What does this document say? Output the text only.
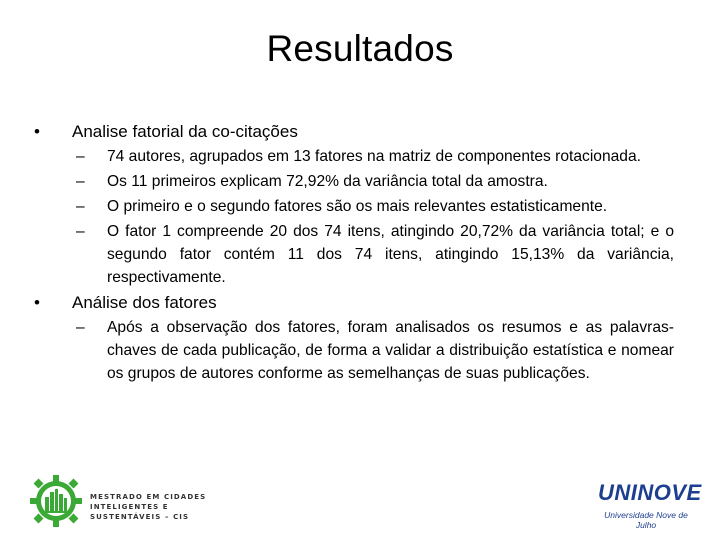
Resultados
• Analise fatorial da co-citações
– 74 autores, agrupados em 13 fatores na matriz de componentes rotacionada.
– Os 11 primeiros explicam 72,92% da variância total da amostra.
– O primeiro e o segundo fatores são os mais relevantes estatisticamente.
– O fator 1 compreende 20 dos 74 itens, atingindo 20,72% da variância total; e o segundo fator contém 11 dos 74 itens, atingindo 15,13% da variância, respectivamente.
• Análise dos fatores
– Após a observação dos fatores, foram analisados os resumos e as palavras-chaves de cada publicação, de forma a validar a distribuição estatística e nomear os grupos de autores conforme as semelhanças de suas publicações.
MESTRADO EM CIDADES
INTELIGENTES E
SUSTENTÁVEIS – CIS
UNINOVE
Universidade Nove de Julho
